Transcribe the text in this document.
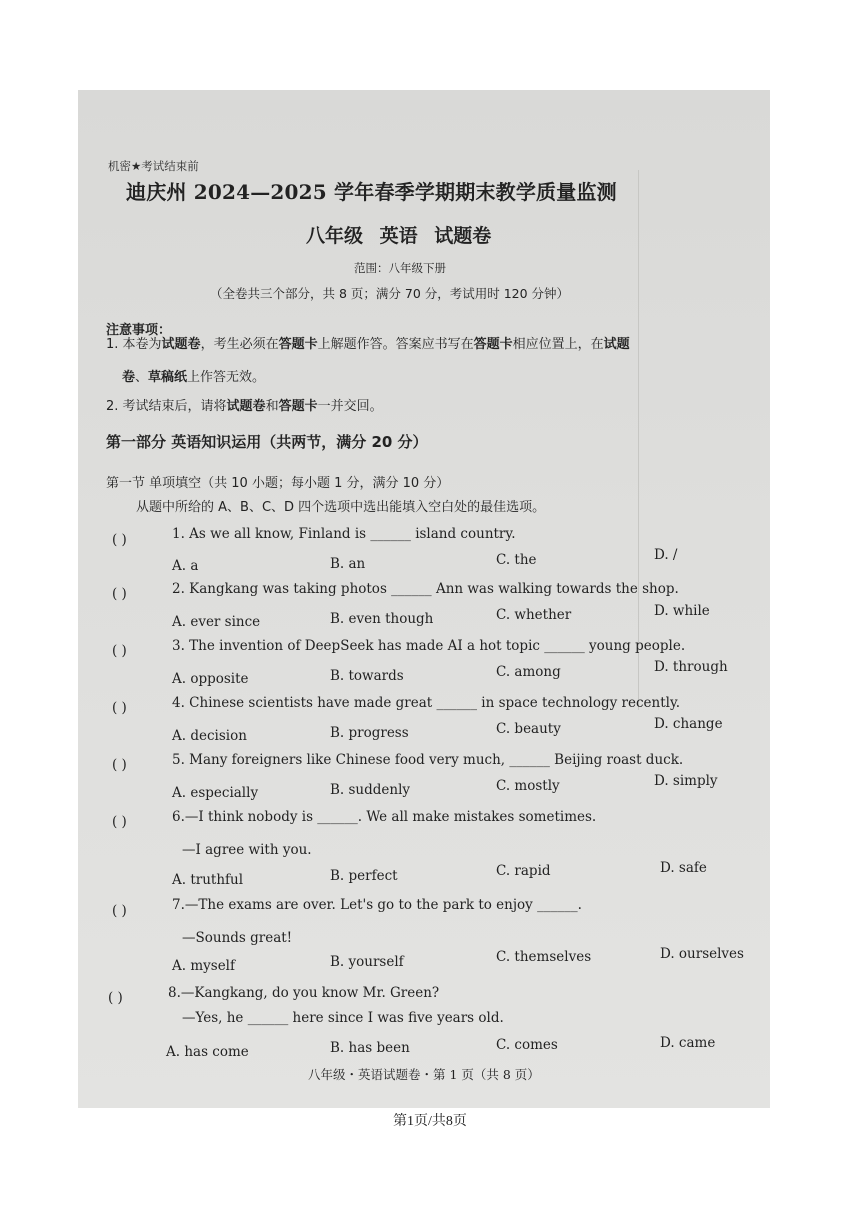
机密★考试结束前
迪庆州 2024—2025 学年春季学期期末教学质量监测
八年级 英语 试题卷
范围：八年级下册
（全卷共三个部分，共 8 页；满分 70 分，考试用时 120 分钟）
注意事项：
1. 本卷为试题卷，考生必须在答题卡上解题作答。答案应书写在答题卡相应位置上，在试题
卷、草稿纸上作答无效。
2. 考试结束后，请将试题卷和答题卡一并交回。
第一部分 英语知识运用（共两节，满分 20 分）
第一节 单项填空（共 10 小题；每小题 1 分，满分 10 分）
从题中所给的 A、B、C、D 四个选项中选出能填入空白处的最佳选项。
( )	1. As we all know, Finland is ______ island country.
A. a	B. an	C. the	D. /
( )	2. Kangkang was taking photos ______ Ann was walking towards the shop.
A. ever since	B. even though	C. whether	D. while
( )	3. The invention of DeepSeek has made AI a hot topic ______ young people.
A. opposite	B. towards	C. among	D. through
( )	4. Chinese scientists have made great ______ in space technology recently.
A. decision	B. progress	C. beauty	D. change
( )	5. Many foreigners like Chinese food very much, ______ Beijing roast duck.
A. especially	B. suddenly	C. mostly	D. simply
( )	6.—I think nobody is ______. We all make mistakes sometimes.
—I agree with you.
A. truthful	B. perfect	C. rapid	D. safe
( )	7.—The exams are over. Let's go to the park to enjoy ______.
—Sounds great!
A. myself	B. yourself	C. themselves	D. ourselves
( )	8.—Kangkang, do you know Mr. Green?
—Yes, he ______ here since I was five years old.
A. has come	B. has been	C. comes	D. came
八年级・英语试题卷・第 1 页（共 8 页）
第1页/共8页
